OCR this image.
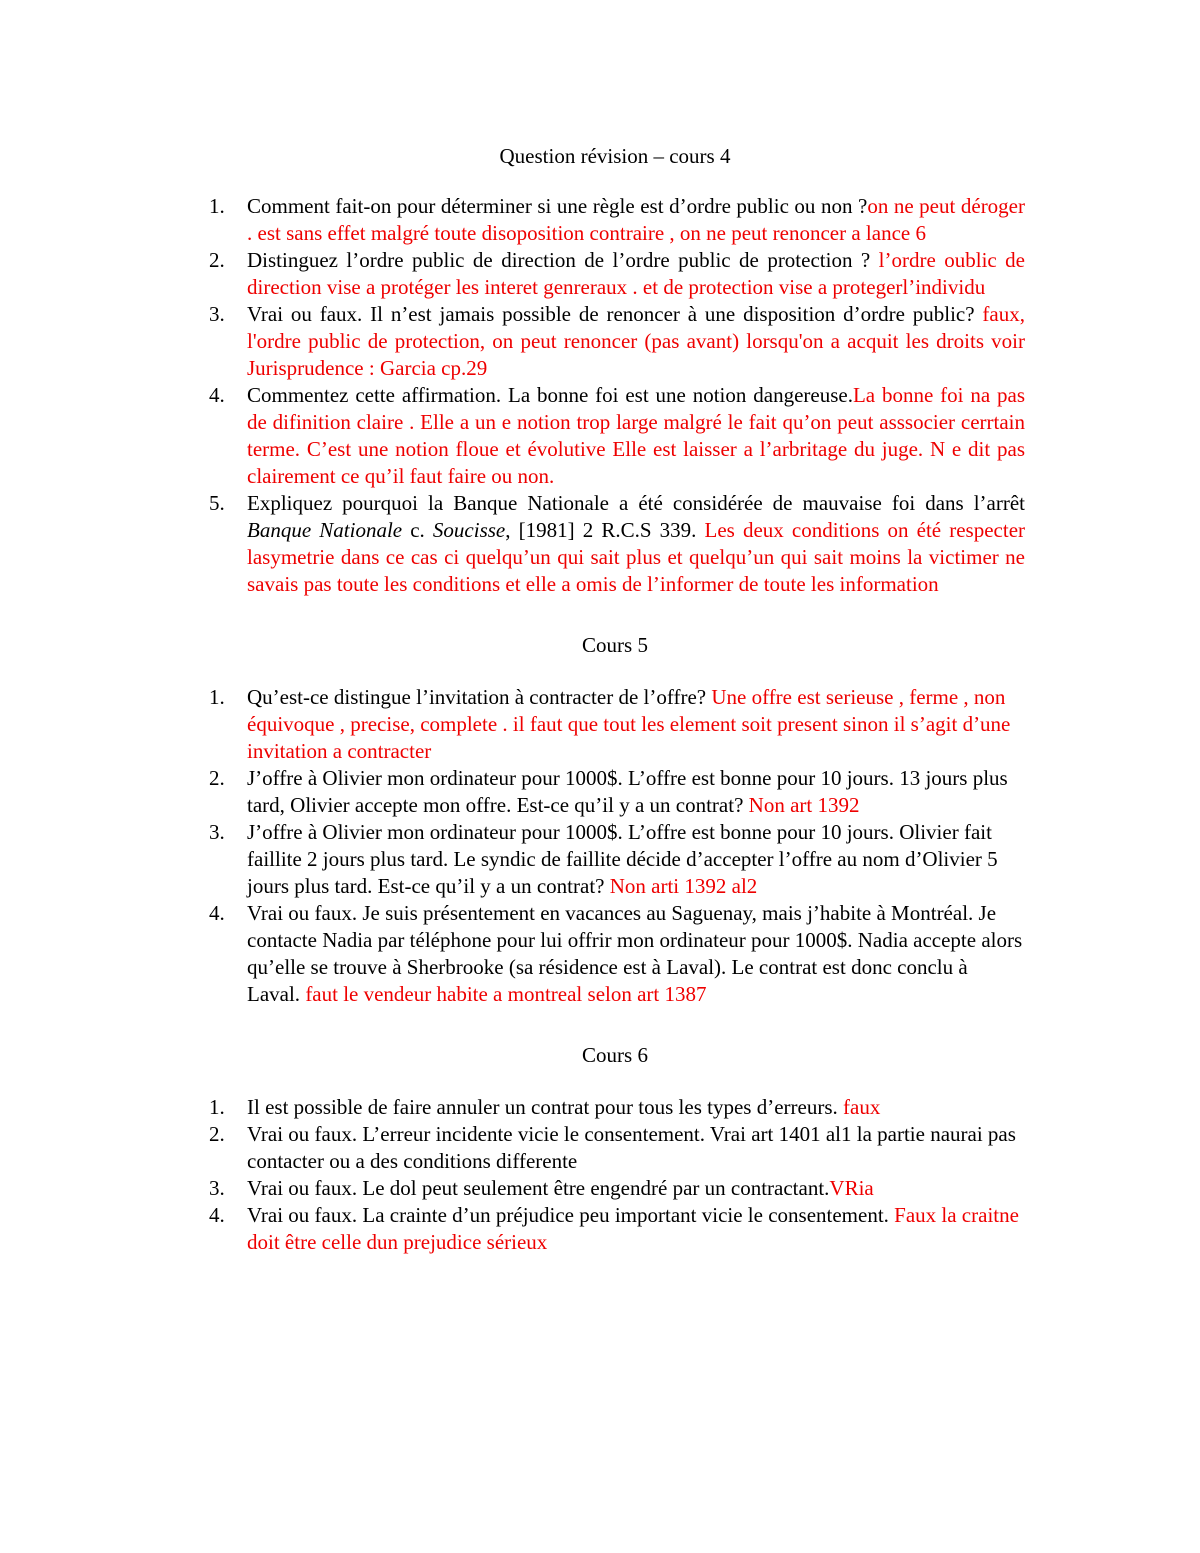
Question révision – cours 4
1. Comment fait-on pour déterminer si une règle est d’ordre public ou non ?on ne peut déroger . est sans effet malgré toute disoposition contraire , on ne peut renoncer a lance 6
2. Distinguez l’ordre public de direction de l’ordre public de protection ? l’ordre oublic de direction vise a protéger les interet genreraux . et de protection vise a protegerl’individu
3. Vrai ou faux. Il n’est jamais possible de renoncer à une disposition d’ordre public? faux, l'ordre public de protection, on peut renoncer (pas avant) lorsqu'on a acquit les droits voir Jurisprudence : Garcia cp.29
4. Commentez cette affirmation. La bonne foi est une notion dangereuse.La bonne foi na pas de difinition claire . Elle a un e notion trop large malgré le fait qu’on peut asssocier cerrtain terme. C’est une notion floue et évolutive Elle est laisser a l’arbritage du juge. N e dit pas clairement ce qu’il faut faire ou non.
5. Expliquez pourquoi la Banque Nationale a été considérée de mauvaise foi dans l’arrêt Banque Nationale c. Soucisse, [1981] 2 R.C.S 339. Les deux conditions on été respecter lasymetrie dans ce cas ci quelqu’un qui sait plus et quelqu’un qui sait moins la victimer ne savais pas toute les conditions et elle a omis de l’informer de toute les information
Cours 5
1. Qu’est-ce distingue l’invitation à contracter de l’offre? Une offre est serieuse , ferme , non équivoque , precise, complete . il faut que tout les element soit present sinon il s’agit d’une invitation a contracter
2. J’offre à Olivier mon ordinateur pour 1000$. L’offre est bonne pour 10 jours. 13 jours plus tard, Olivier accepte mon offre. Est-ce qu’il y a un contrat? Non art 1392
3. J’offre à Olivier mon ordinateur pour 1000$. L’offre est bonne pour 10 jours. Olivier fait faillite 2 jours plus tard. Le syndic de faillite décide d’accepter l’offre au nom d’Olivier 5 jours plus tard. Est-ce qu’il y a un contrat? Non arti 1392 al2
4. Vrai ou faux. Je suis présentement en vacances au Saguenay, mais j’habite à Montréal. Je contacte Nadia par téléphone pour lui offrir mon ordinateur pour 1000$. Nadia accepte alors qu’elle se trouve à Sherbrooke (sa résidence est à Laval). Le contrat est donc conclu à Laval. faut le vendeur habite a montreal selon art 1387
Cours 6
1. Il est possible de faire annuler un contrat pour tous les types d’erreurs. faux
2. Vrai ou faux. L’erreur incidente vicie le consentement. Vrai art 1401 al1 la partie naurai pas contacter ou a des conditions differente
3. Vrai ou faux. Le dol peut seulement être engendré par un contractant.VRia
4. Vrai ou faux. La crainte d’un préjudice peu important vicie le consentement. Faux la craitne doit être celle dun prejudice sérieux
